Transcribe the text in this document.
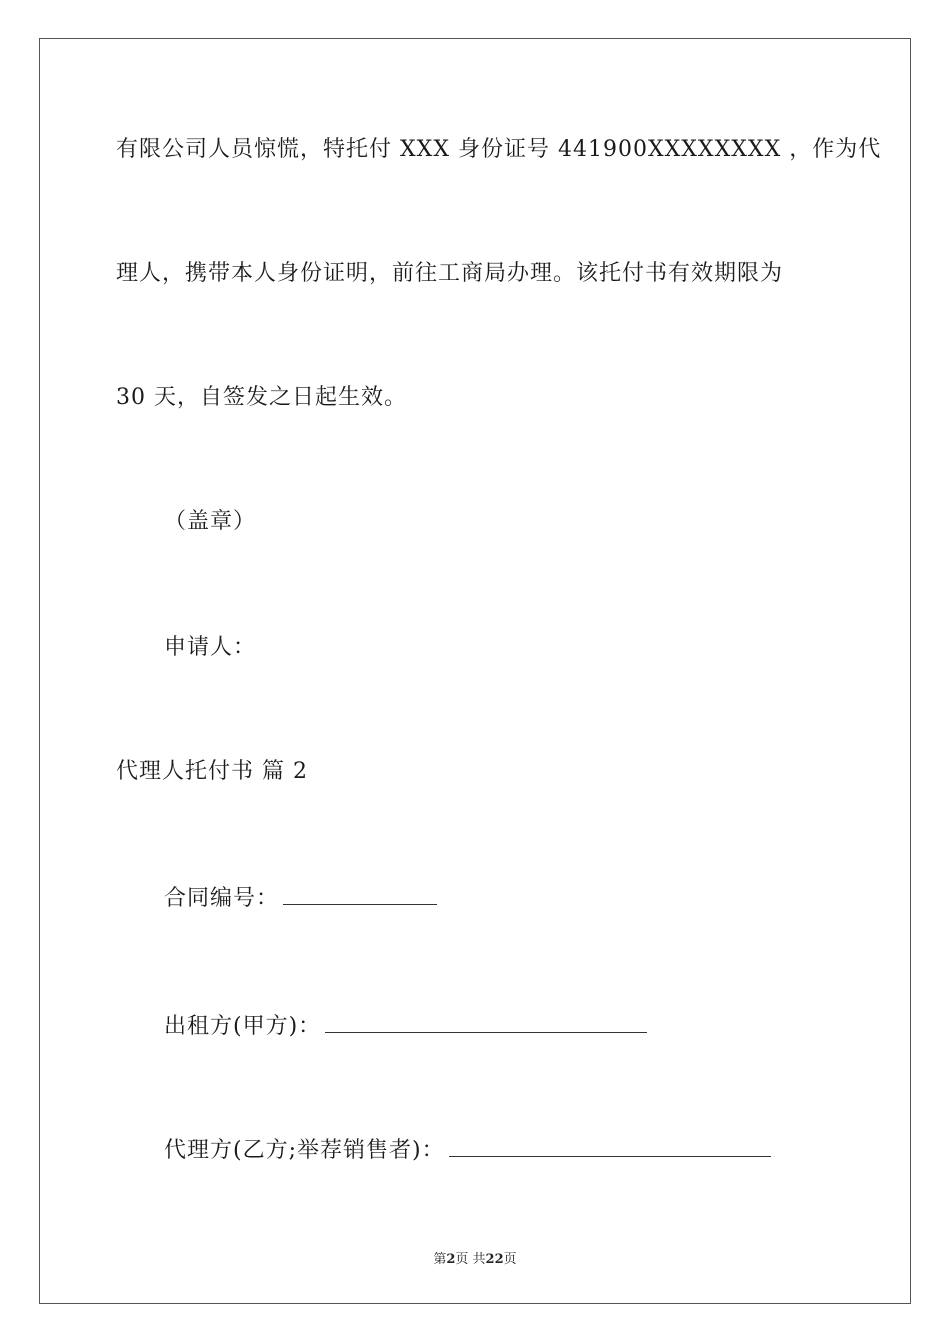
有限公司人员惊慌，特托付 XXX 身份证号 441900XXXXXXXX ，作为代
理人，携带本人身份证明，前往工商局办理。该托付书有效期限为
30 天，自签发之日起生效。
（盖章）
申请人：
代理人托付书 篇 2
合同编号：
出租方(甲方)：
代理方(乙方;举荐销售者)：
第2页 共22页
